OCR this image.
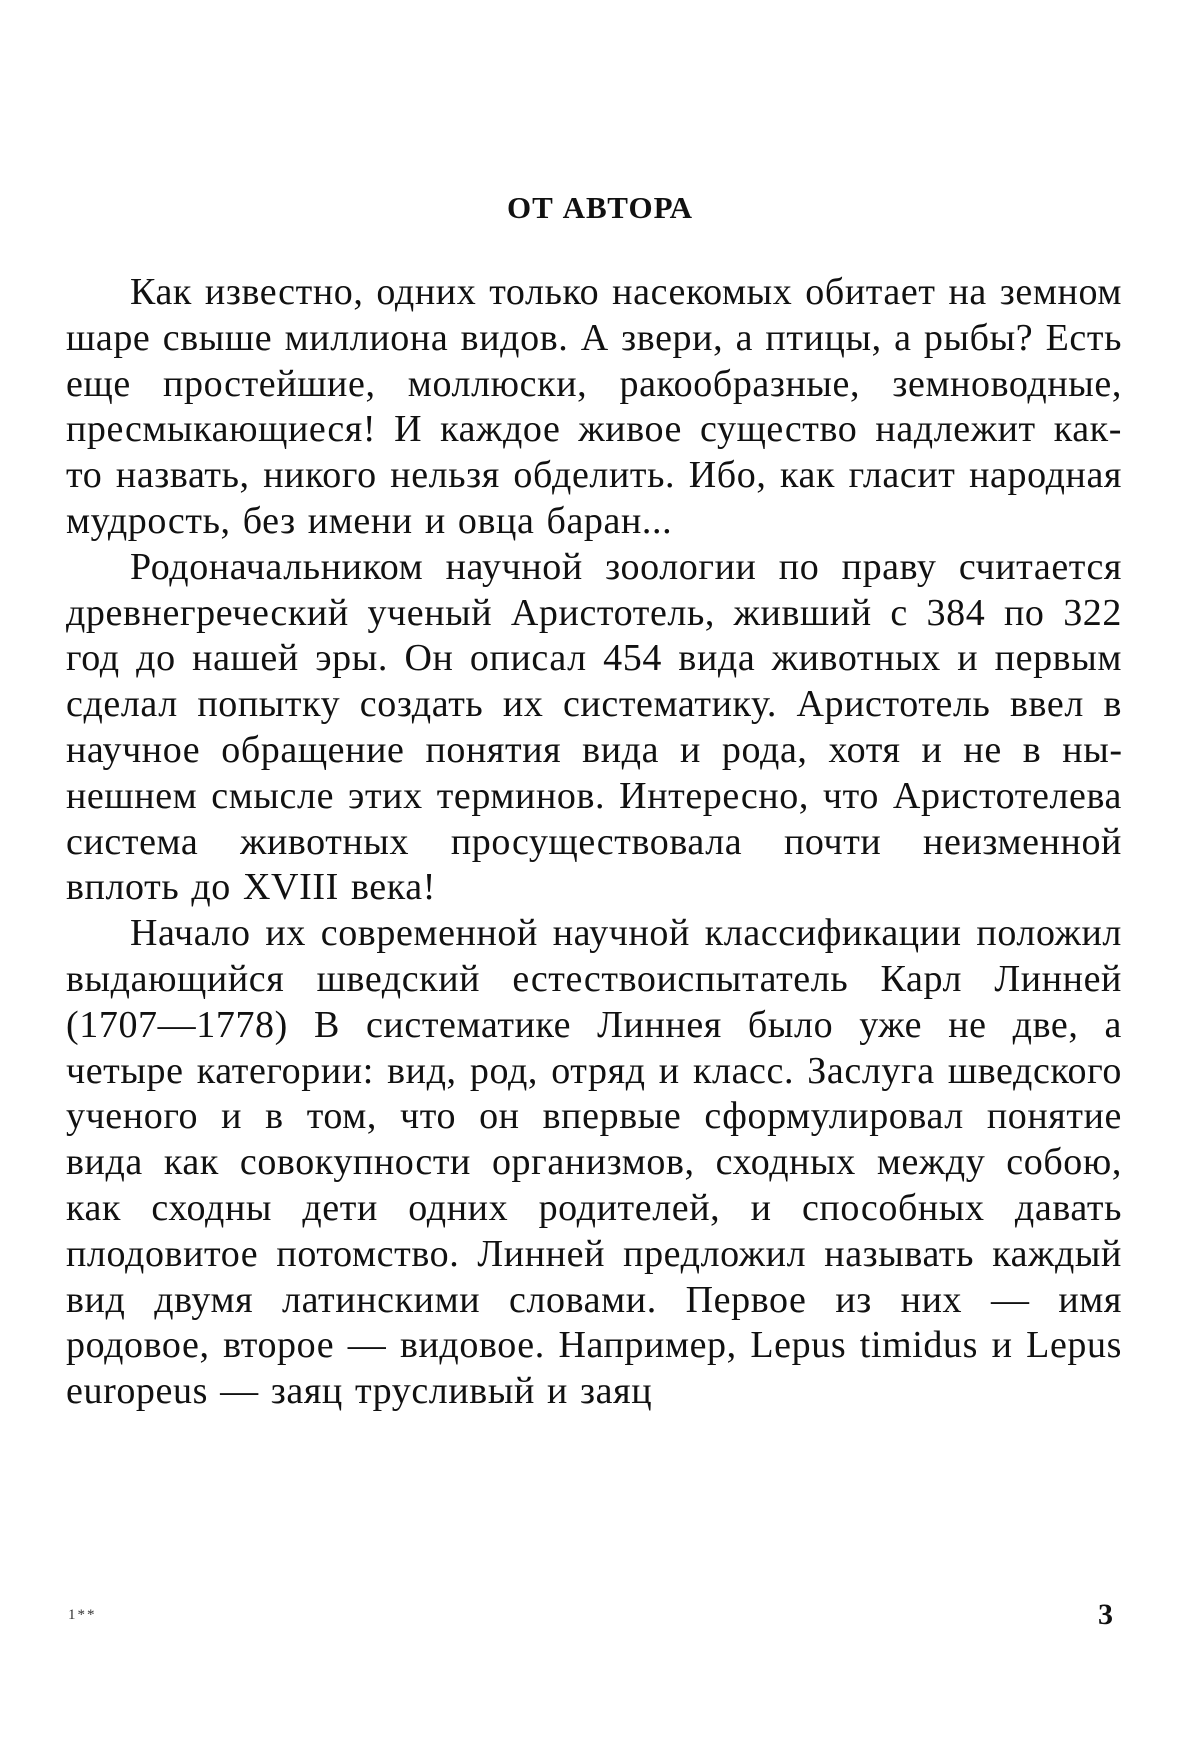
ОТ АВТОРА

Как известно, одних только насекомых обитает на земном шаре свыше миллиона видов. А звери, а птицы, а рыбы? Есть еще простейшие, моллюски, ракообразные, земноводные, пресмыкающиеся! И каждое живое существо надлежит как-то назвать, никого нельзя обделить. Ибо, как гласит народная мудрость, без имени и овца баран...

Родоначальником научной зоологии по праву считается древнегреческий ученый Аристотель, живший с 384 по 322 год до нашей эры. Он описал 454 вида животных и первым сделал попытку создать их систематику. Аристотель ввел в научное обращение понятия вида и рода, хотя и не в нынешнем смысле этих терминов. Интересно, что Аристотелева система животных просуществовала почти неизменной вплоть до XVIII века!

Начало их современной научной классификации положил выдающийся шведский естествоиспытатель Карл Линней (1707—1778) В систематике Линнея было уже не две, а четыре категории: вид, род, отряд и класс. Заслуга шведского ученого и в том, что он впервые сформулировал понятие вида как совокупности организмов, сходных между собою, как сходны дети одних родителей, и способных давать плодовитое потомство. Линней предложил называть каждый вид двумя латинскими словами. Первое из них — имя родовое, второе — видовое. Например, Lepus timidus и Lepus europeus — заяц трусливый и заяц

1**	3
